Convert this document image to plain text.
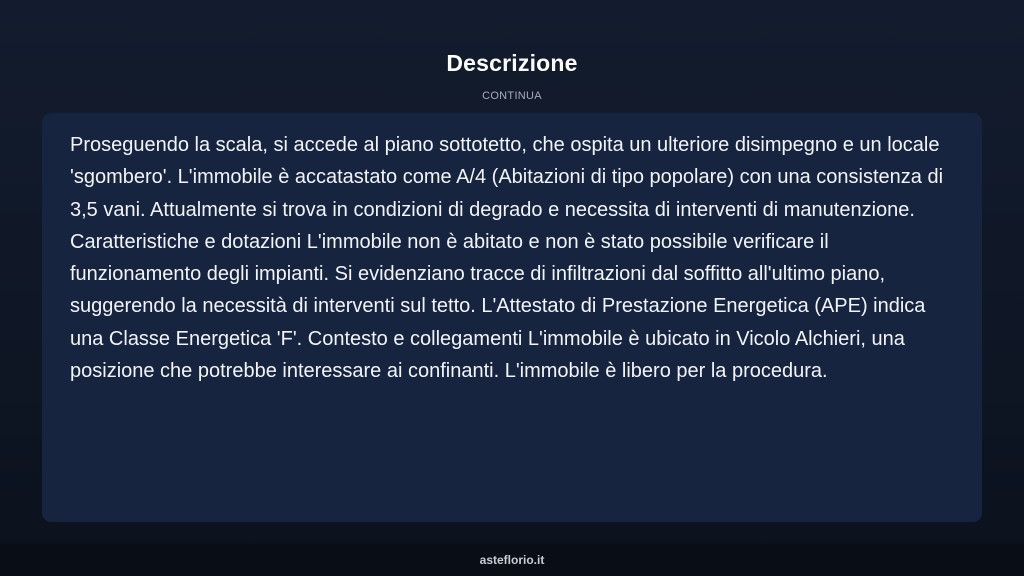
Descrizione
CONTINUA

Proseguendo la scala, si accede al piano sottotetto, che ospita un ulteriore disimpegno e un locale 'sgombero'. L'immobile è accatastato come A/4 (Abitazioni di tipo popolare) con una consistenza di 3,5 vani. Attualmente si trova in condizioni di degrado e necessita di interventi di manutenzione. Caratteristiche e dotazioni L'immobile non è abitato e non è stato possibile verificare il funzionamento degli impianti. Si evidenziano tracce di infiltrazioni dal soffitto all'ultimo piano, suggerendo la necessità di interventi sul tetto. L'Attestato di Prestazione Energetica (APE) indica una Classe Energetica 'F'. Contesto e collegamenti L'immobile è ubicato in Vicolo Alchieri, una posizione che potrebbe interessare ai confinanti. L'immobile è libero per la procedura.

asteflorio.it
